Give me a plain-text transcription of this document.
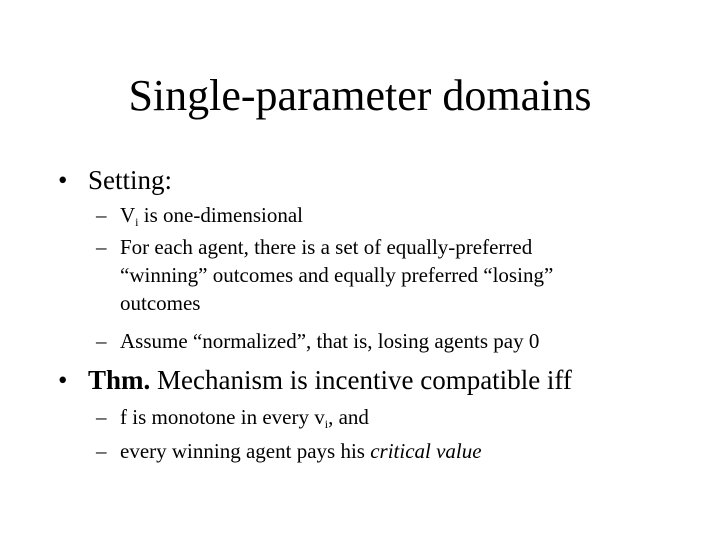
Single-parameter domains
• Setting:
– $V_i$ is one-dimensional
– For each agent, there is a set of equally-preferred
“winning” outcomes and equally preferred “losing”
outcomes
– Assume “normalized”, that is, losing agents pay 0
• Thm. Mechanism is incentive compatible iff
– f is monotone in every $v_i$, and
– every winning agent pays his critical value
